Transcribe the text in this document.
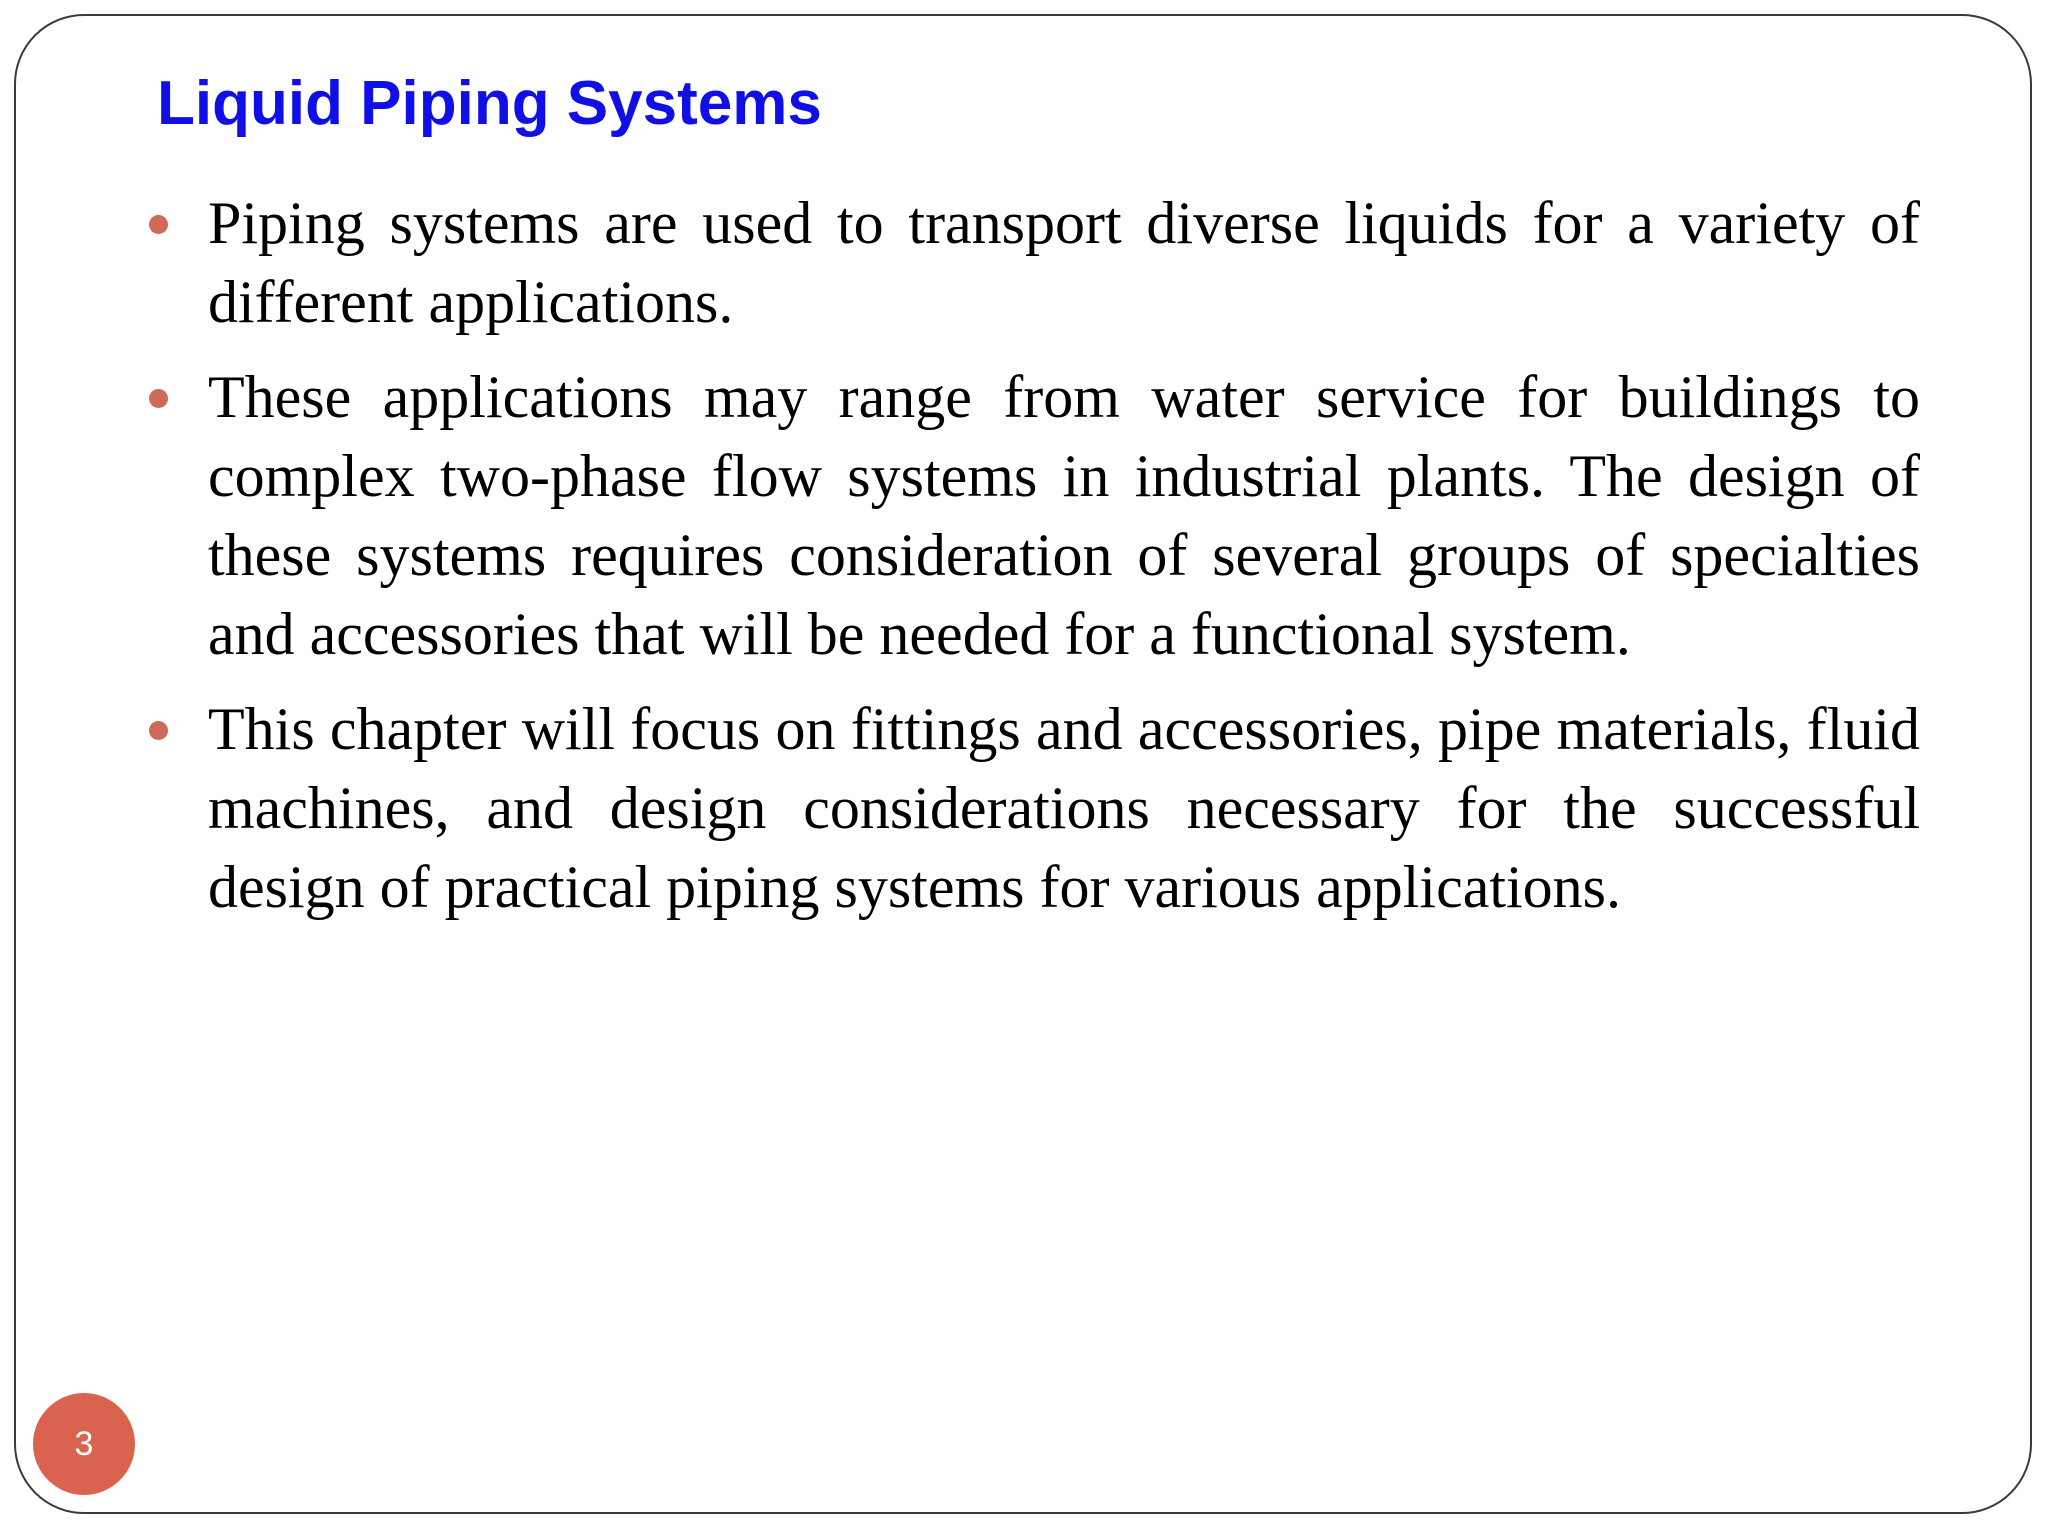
Liquid Piping Systems
Piping systems are used to transport diverse liquids for a variety of different applications.
These applications may range from water service for buildings to complex two-phase flow systems in industrial plants. The design of these systems requires consideration of several groups of specialties and accessories that will be needed for a functional system.
This chapter will focus on fittings and accessories, pipe materials, fluid machines, and design considerations necessary for the successful design of practical piping systems for various applications.
3
